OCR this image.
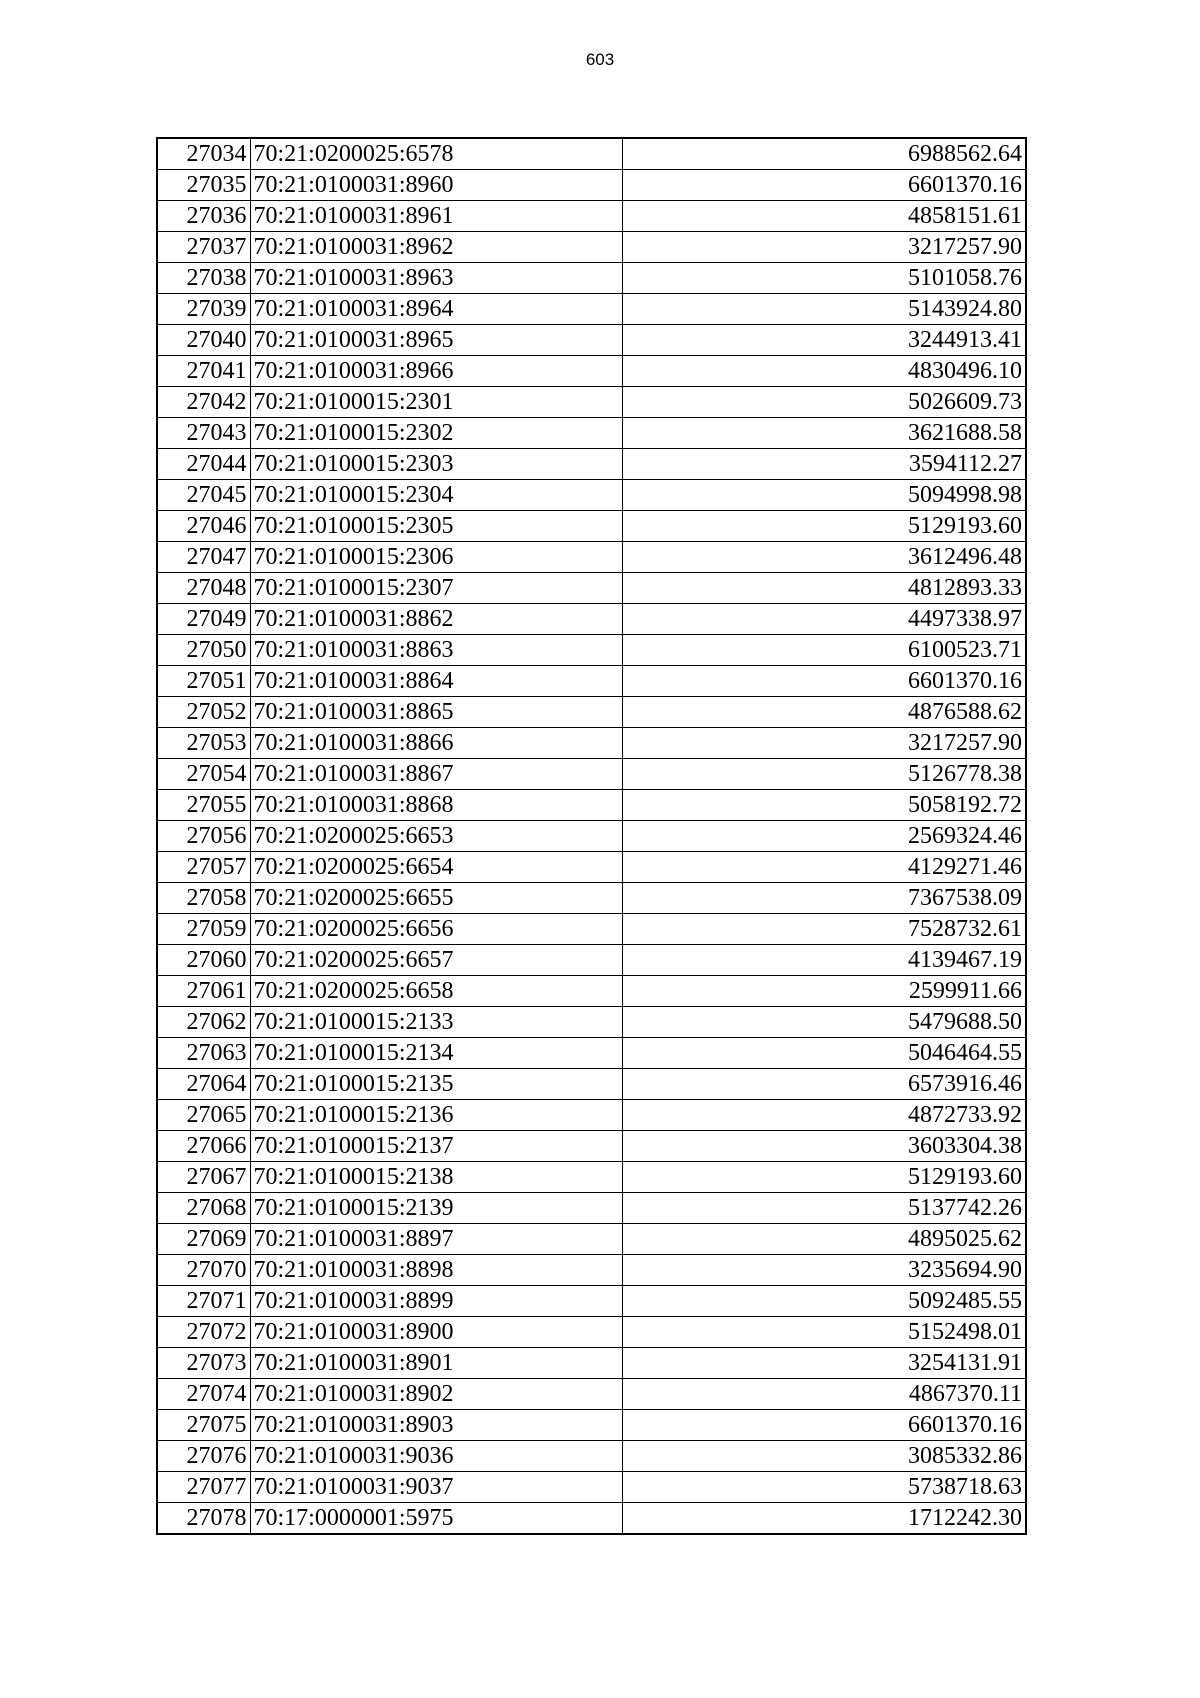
603
27034	70:21:0200025:6578	6988562.64
27035	70:21:0100031:8960	6601370.16
27036	70:21:0100031:8961	4858151.61
27037	70:21:0100031:8962	3217257.90
27038	70:21:0100031:8963	5101058.76
27039	70:21:0100031:8964	5143924.80
27040	70:21:0100031:8965	3244913.41
27041	70:21:0100031:8966	4830496.10
27042	70:21:0100015:2301	5026609.73
27043	70:21:0100015:2302	3621688.58
27044	70:21:0100015:2303	3594112.27
27045	70:21:0100015:2304	5094998.98
27046	70:21:0100015:2305	5129193.60
27047	70:21:0100015:2306	3612496.48
27048	70:21:0100015:2307	4812893.33
27049	70:21:0100031:8862	4497338.97
27050	70:21:0100031:8863	6100523.71
27051	70:21:0100031:8864	6601370.16
27052	70:21:0100031:8865	4876588.62
27053	70:21:0100031:8866	3217257.90
27054	70:21:0100031:8867	5126778.38
27055	70:21:0100031:8868	5058192.72
27056	70:21:0200025:6653	2569324.46
27057	70:21:0200025:6654	4129271.46
27058	70:21:0200025:6655	7367538.09
27059	70:21:0200025:6656	7528732.61
27060	70:21:0200025:6657	4139467.19
27061	70:21:0200025:6658	2599911.66
27062	70:21:0100015:2133	5479688.50
27063	70:21:0100015:2134	5046464.55
27064	70:21:0100015:2135	6573916.46
27065	70:21:0100015:2136	4872733.92
27066	70:21:0100015:2137	3603304.38
27067	70:21:0100015:2138	5129193.60
27068	70:21:0100015:2139	5137742.26
27069	70:21:0100031:8897	4895025.62
27070	70:21:0100031:8898	3235694.90
27071	70:21:0100031:8899	5092485.55
27072	70:21:0100031:8900	5152498.01
27073	70:21:0100031:8901	3254131.91
27074	70:21:0100031:8902	4867370.11
27075	70:21:0100031:8903	6601370.16
27076	70:21:0100031:9036	3085332.86
27077	70:21:0100031:9037	5738718.63
27078	70:17:0000001:5975	1712242.30
